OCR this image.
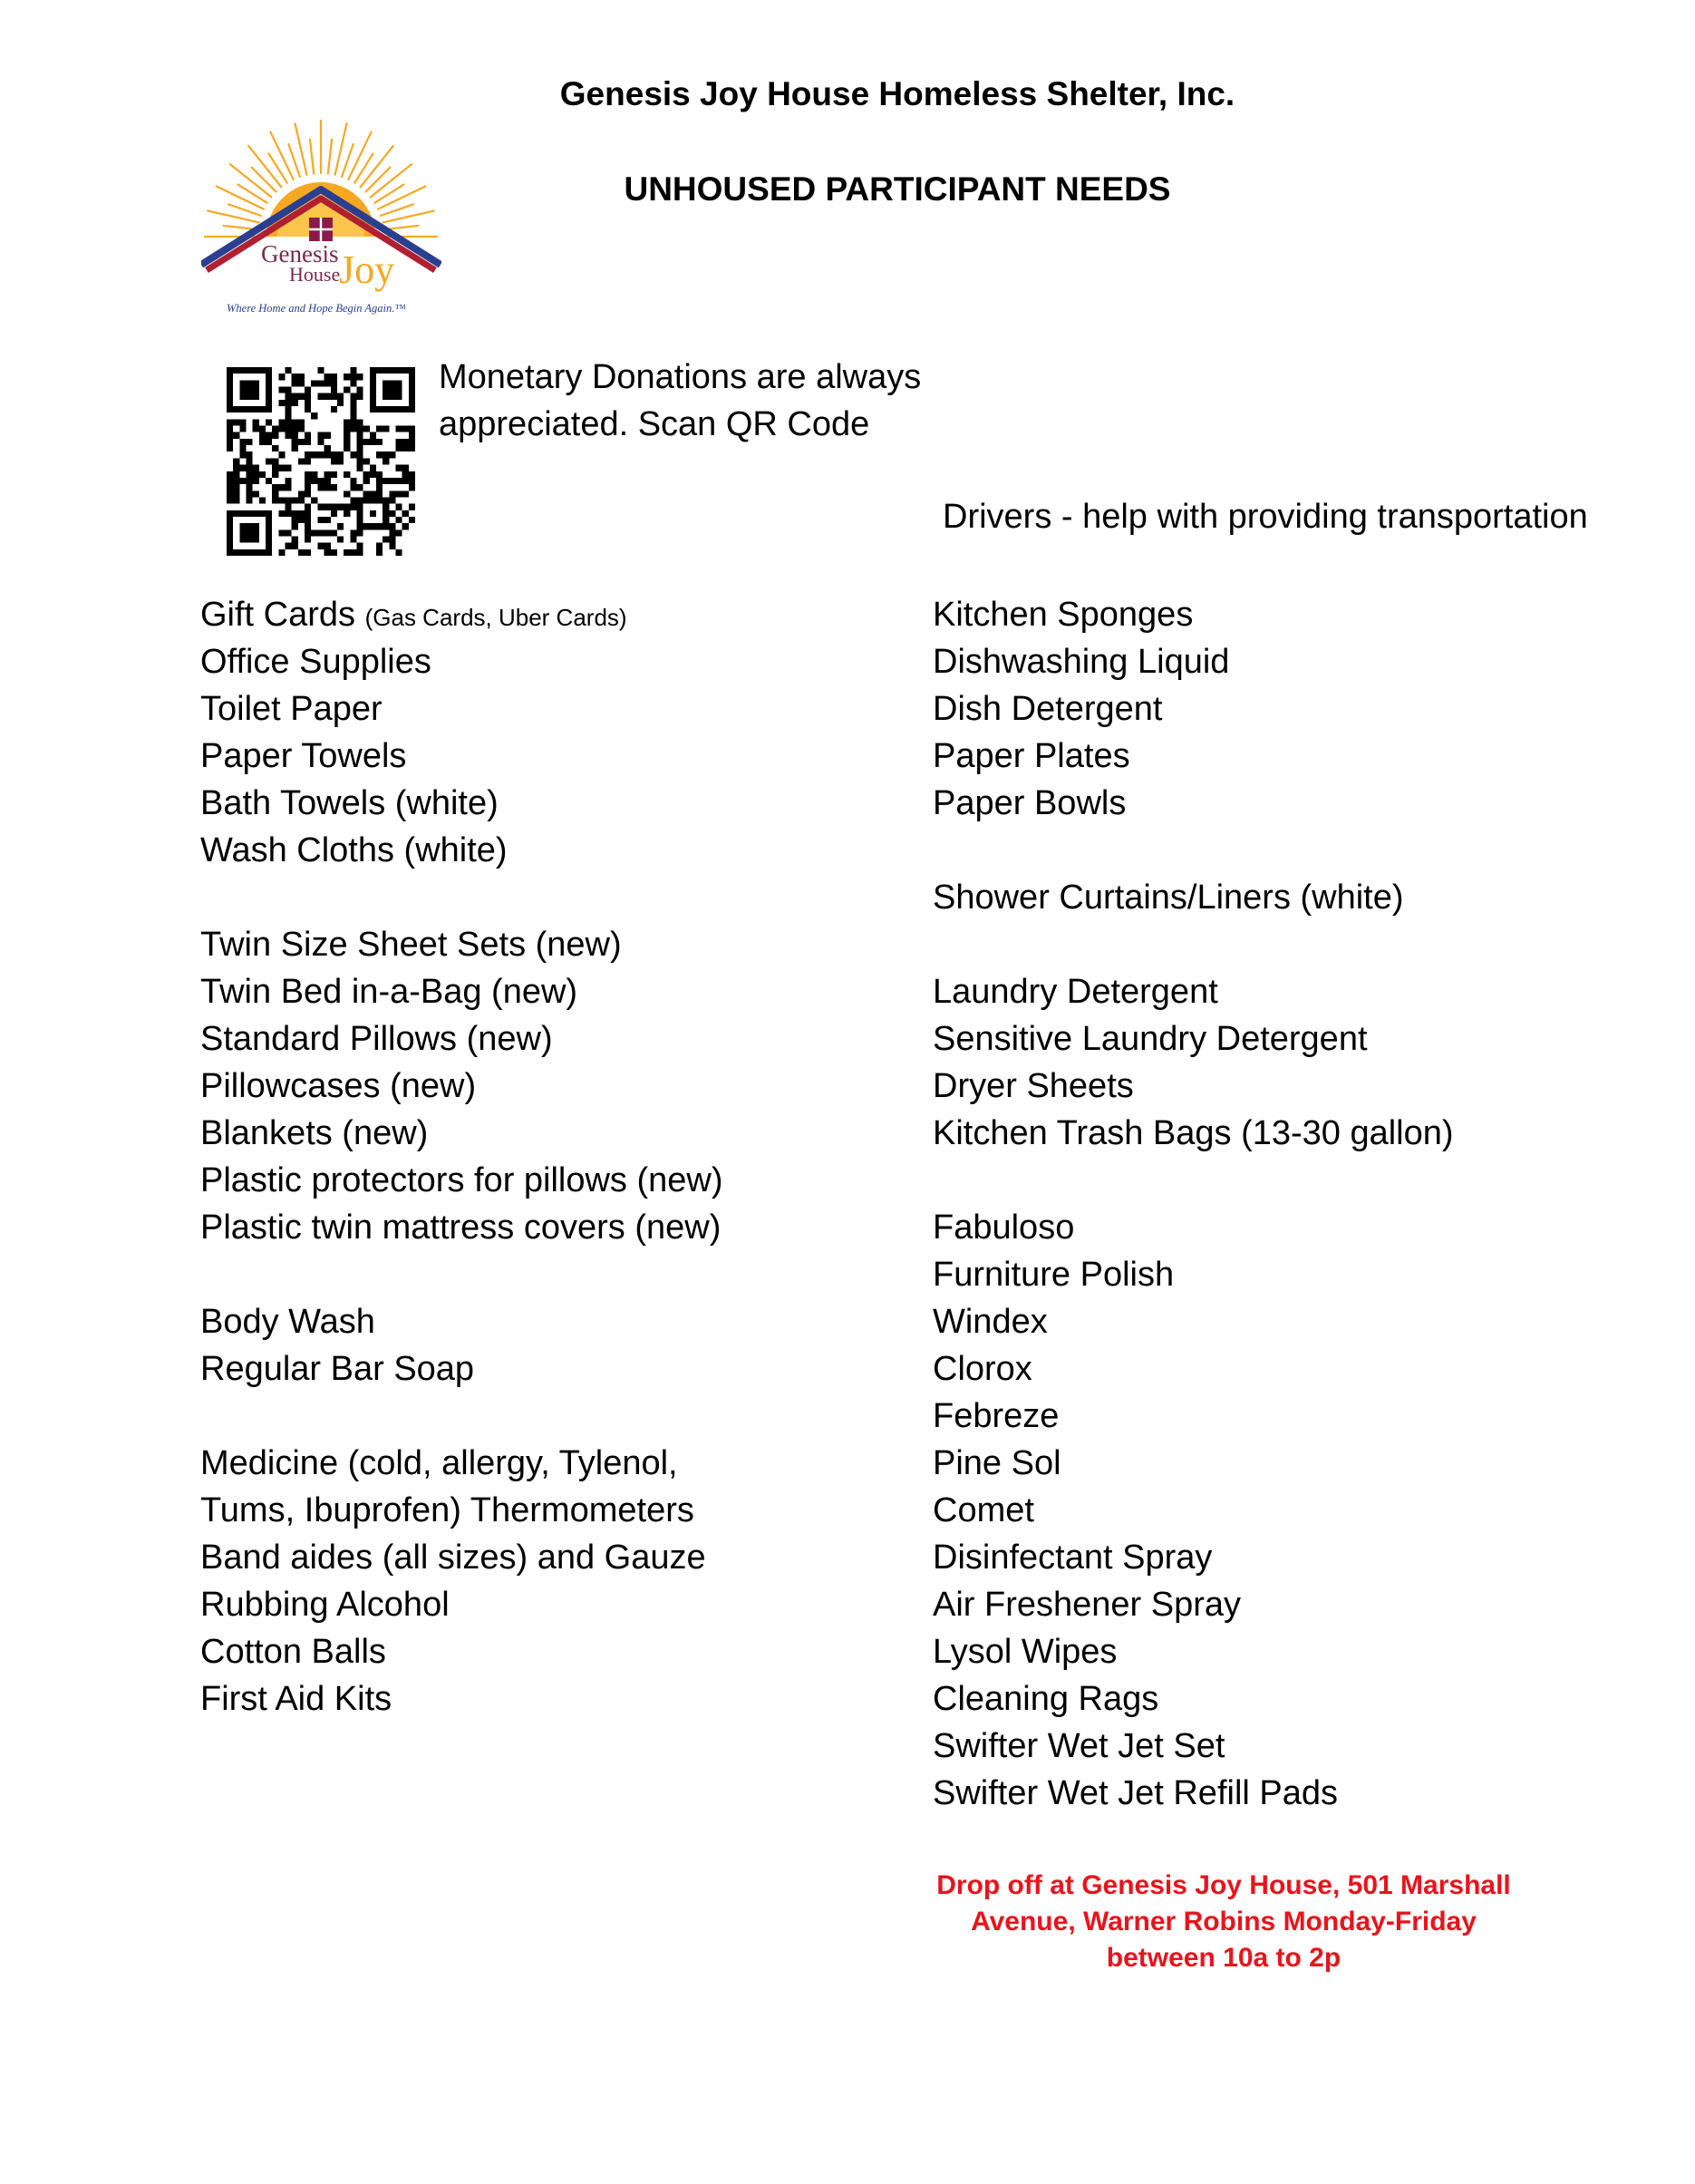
Genesis Joy House Homeless Shelter, Inc.
UNHOUSED PARTICIPANT NEEDS
Genesis
House
Joy
Where Home and Hope Begin Again.™
Monetary Donations are always
appreciated. Scan QR Code
Drivers - help with providing transportation
Gift Cards (Gas Cards, Uber Cards)
Office Supplies
Toilet Paper
Paper Towels
Bath Towels (white)
Wash Cloths (white)
Twin Size Sheet Sets (new)
Twin Bed in-a-Bag (new)
Standard Pillows (new)
Pillowcases (new)
Blankets (new)
Plastic protectors for pillows (new)
Plastic twin mattress covers (new)
Body Wash
Regular Bar Soap
Medicine (cold, allergy, Tylenol,
Tums, Ibuprofen) Thermometers
Band aides (all sizes) and Gauze
Rubbing Alcohol
Cotton Balls
First Aid Kits
Kitchen Sponges
Dishwashing Liquid
Dish Detergent
Paper Plates
Paper Bowls
Shower Curtains/Liners (white)
Laundry Detergent
Sensitive Laundry Detergent
Dryer Sheets
Kitchen Trash Bags (13-30 gallon)
Fabuloso
Furniture Polish
Windex
Clorox
Febreze
Pine Sol
Comet
Disinfectant Spray
Air Freshener Spray
Lysol Wipes
Cleaning Rags
Swifter Wet Jet Set
Swifter Wet Jet Refill Pads
Drop off at Genesis Joy House, 501 Marshall
Avenue, Warner Robins Monday-Friday
between 10a to 2p
